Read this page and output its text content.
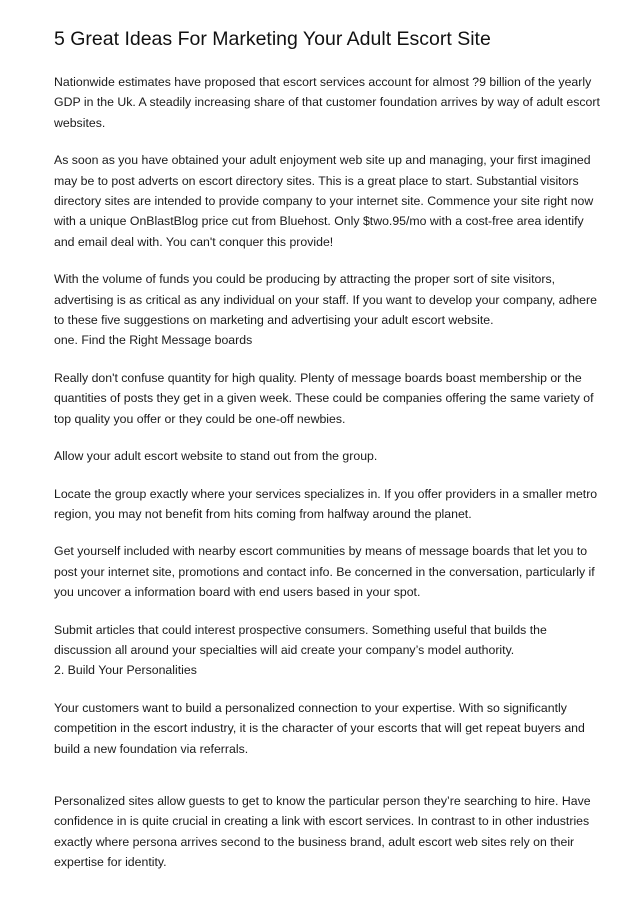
5 Great Ideas For Marketing Your Adult Escort Site

Nationwide estimates have proposed that escort services account for almost ?9 billion of the yearly GDP in the Uk. A steadily increasing share of that customer foundation arrives by way of adult escort websites.

As soon as you have obtained your adult enjoyment web site up and managing, your first imagined may be to post adverts on escort directory sites. This is a great place to start. Substantial visitors directory sites are intended to provide company to your internet site. Commence your site right now with a unique OnBlastBlog price cut from Bluehost. Only $two.95/mo with a cost-free area identify and email deal with. You can't conquer this provide!

With the volume of funds you could be producing by attracting the proper sort of site visitors, advertising is as critical as any individual on your staff. If you want to develop your company, adhere to these five suggestions on marketing and advertising your adult escort website.

one. Find the Right Message boards

Really don't confuse quantity for high quality. Plenty of message boards boast membership or the quantities of posts they get in a given week. These could be companies offering the same variety of top quality you offer or they could be one-off newbies.

Allow your adult escort website to stand out from the group.

Locate the group exactly where your services specializes in. If you offer providers in a smaller metro region, you may not benefit from hits coming from halfway around the planet.

Get yourself included with nearby escort communities by means of message boards that let you to post your internet site, promotions and contact info. Be concerned in the conversation, particularly if you uncover a information board with end users based in your spot.

Submit articles that could interest prospective consumers. Something useful that builds the discussion all around your specialties will aid create your company’s model authority.

2. Build Your Personalities

Your customers want to build a personalized connection to your expertise. With so significantly competition in the escort industry, it is the character of your escorts that will get repeat buyers and build a new foundation via referrals.

Personalized sites allow guests to get to know the particular person they’re searching to hire. Have confidence in is quite crucial in creating a link with escort services. In contrast to in other industries exactly where persona arrives second to the business brand, adult escort web sites rely on their expertise for identity.
